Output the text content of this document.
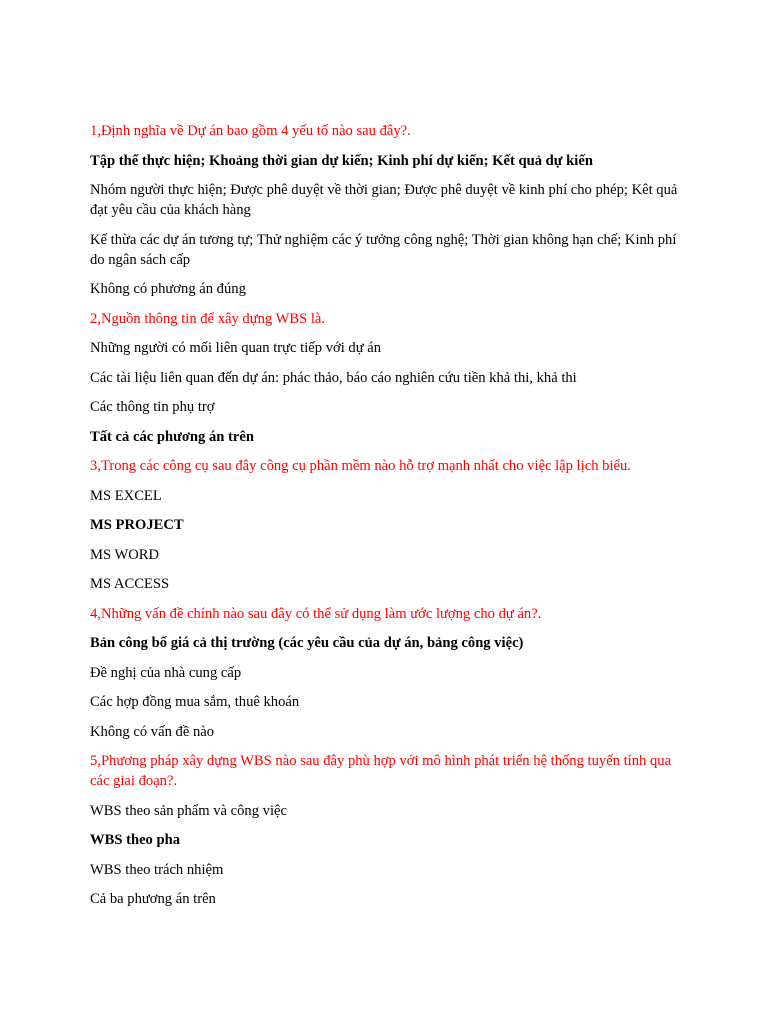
1,Định nghĩa về Dự án bao gồm 4 yếu tố nào sau đây?.
Tập thể thực hiện; Khoảng thời gian dự kiến; Kinh phí dự kiến; Kết quả dự kiến
Nhóm người thực hiện; Được phê duyệt về thời gian; Được phê duyệt về kinh phí cho phép; Kêt quả đạt yêu cầu của khách hàng
Kế thừa các dự án tương tự; Thử nghiệm các ý tưởng công nghệ; Thời gian không hạn chế; Kinh phí do ngân sách cấp
Không có phương án đúng
2,Nguồn thông tin để xây dựng WBS là.
Những người có mối liên quan trực tiếp với dự án
Các tài liệu liên quan đến dự án: phác thảo, báo cáo nghiên cứu tiền khả thi, khả thi
Các thông tin phụ trợ
Tất cả các phương án trên
3,Trong các công cụ sau đây công cụ phần mềm nào hỗ trợ mạnh nhất cho việc lập lịch biểu.
MS EXCEL
MS PROJECT
MS WORD
MS ACCESS
4,Những vấn đề chính nào sau đây có thể sử dụng làm ước lượng cho dự án?.
Bản công bố giá cả thị trường (các yêu cầu của dự án, bảng công việc)
Đề nghị của nhà cung cấp
Các hợp đồng mua sắm, thuê khoán
Không có vấn đề nào
5,Phương pháp xây dựng WBS nào sau đây phù hợp với mô hình phát triển hệ thống tuyến tính qua các giai đoạn?.
WBS theo sản phẩm và công việc
WBS theo pha
WBS theo trách nhiệm
Cả ba phương án trên
